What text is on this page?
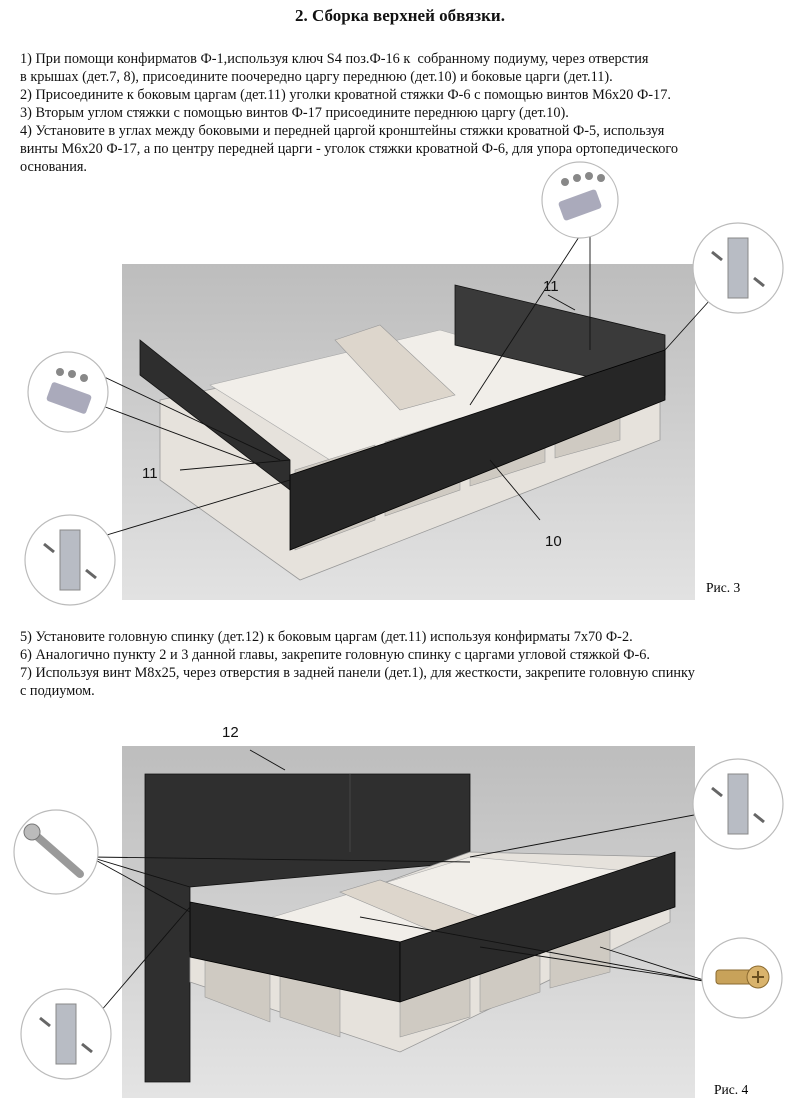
2. Сборка верхней обвязки.
1) При помощи конфирматов Ф-1,используя ключ S4 поз.Ф-16 к  собранному подиуму, через отверстия
в крышах (дет.7, 8), присоедините поочередно царгу переднюю (дет.10) и боковые царги (дет.11).
2) Присоедините к боковым царгам (дет.11) уголки кроватной стяжки Ф-6 с помощью винтов М6х20 Ф-17.
3) Вторым углом стяжки с помощью винтов Ф-17 присоедините переднюю царгу (дет.10).
4) Установите в углах между боковыми и передней царгой кронштейны стяжки кроватной Ф-5, используя
винты М6х20 Ф-17, а по центру передней царги - уголок стяжки кроватной Ф-6, для упора ортопедического
основания.
11
11
10
Рис. 3
5) Установите головную спинку (дет.12) к боковым царгам (дет.11) используя конфирматы 7х70 Ф-2.
6) Аналогично пункту 2 и 3 данной главы, закрепите головную спинку с царгами угловой стяжкой Ф-6.
7) Используя винт М8х25, через отверстия в задней панели (дет.1), для жесткости, закрепите головную спинку
с подиумом.
12
Рис. 4
